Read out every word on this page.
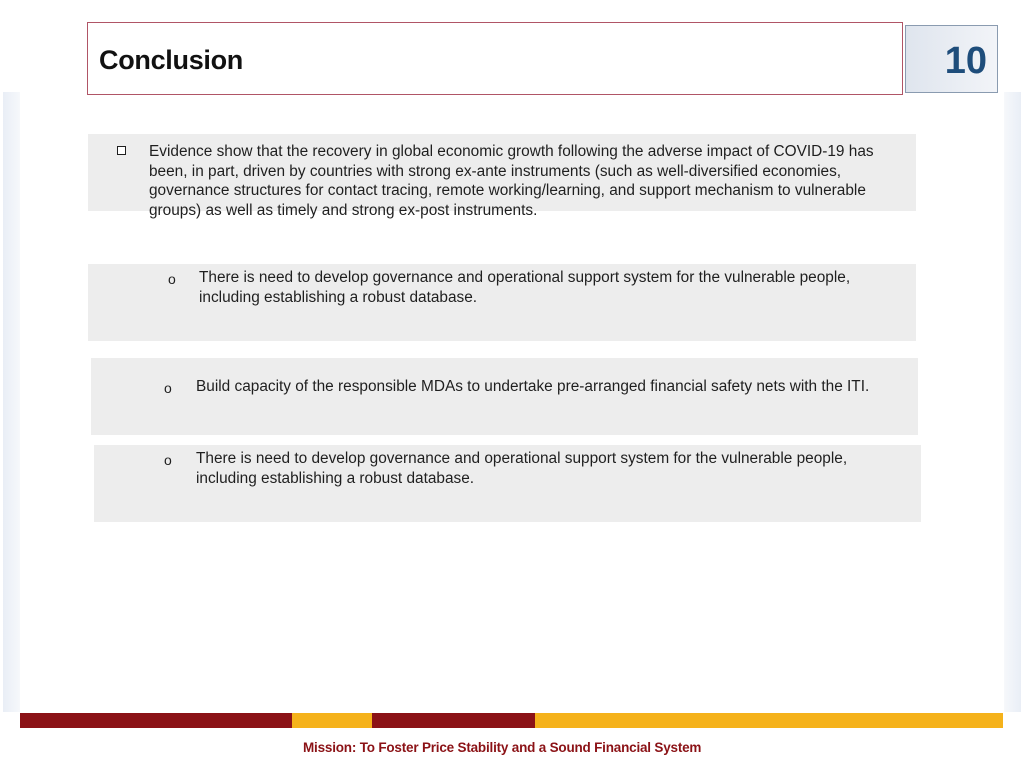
Conclusion	10
Evidence show that the recovery in global economic growth following the adverse impact of COVID-19 has
been, in part, driven by countries with strong ex-ante instruments (such as well-diversified economies,
governance structures for contact tracing, remote working/learning, and support mechanism to vulnerable
groups) as well as timely and strong ex-post instruments.
o There is need to develop governance and operational support system for the vulnerable people,
including establishing a robust database.
o Build capacity of the responsible MDAs to undertake pre-arranged financial safety nets with the ITI.
o There is need to develop governance and operational support system for the vulnerable people,
including establishing a robust database.
Mission: To Foster Price Stability and a Sound Financial System
